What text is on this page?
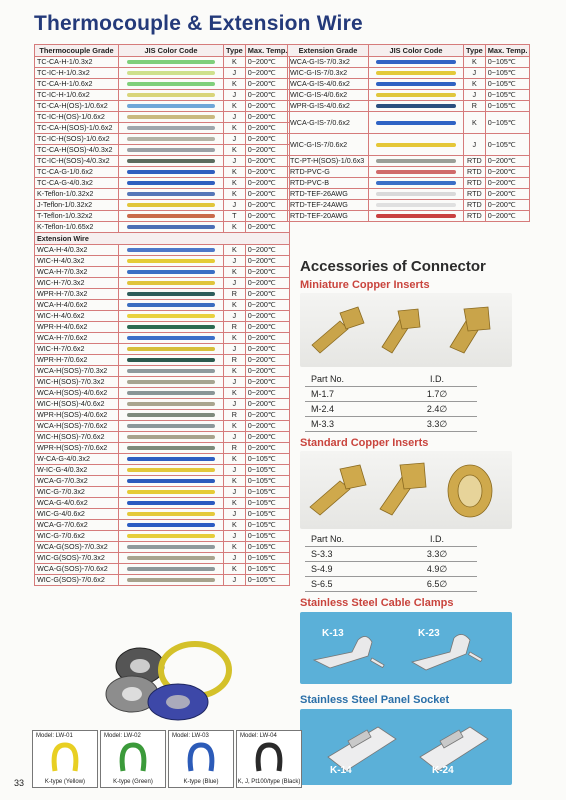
Thermocouple & Extension Wire
Thermocouple Grade	JIS Color Code	Type	Max. Temp.
TC-CA-H-1/0.3x2		K	0~200℃
TC-IC-H-1/0.3x2		J	0~200℃
TC-CA-H-1/0.6x2		K	0~200℃
TC-IC-H-1/0.6x2		J	0~200℃
TC-CA-H(OS)-1/0.6x2		K	0~200℃
TC-IC-H(OS)-1/0.6x2		J	0~200℃
TC-CA-H(SOS)-1/0.6x2		K	0~200℃
TC-IC-H(SOS)-1/0.6x2		J	0~200℃
TC-CA-H(SOS)-4/0.3x2		K	0~200℃
TC-IC-H(SOS)-4/0.3x2		J	0~200℃
TC-CA-G-1/0.6x2		K	0~200℃
TC-CA-G-4/0.3x2		K	0~200℃
K-Teflon-1/0.32x2		K	0~200℃
J-Teflon-1/0.32x2		J	0~200℃
T-Teflon-1/0.32x2		T	0~200℃
K-Teflon-1/0.65x2		K	0~200℃
Extension Wire			
WCA-H-4/0.3x2		K	0~200℃
WIC-H-4/0.3x2		J	0~200℃
WCA-H-7/0.3x2		K	0~200℃
WIC-H-7/0.3x2		J	0~200℃
WPR-H-7/0.3x2		R	0~200℃
WCA-H-4/0.6x2		K	0~200℃
WIC-H-4/0.6x2		J	0~200℃
WPR-H-4/0.6x2		R	0~200℃
WCA-H-7/0.6x2		K	0~200℃
WIC-H-7/0.6x2		J	0~200℃
WPR-H-7/0.6x2		R	0~200℃
WCA-H(SOS)-7/0.3x2		K	0~200℃
WIC-H(SOS)-7/0.3x2		J	0~200℃
WCA-H(SOS)-4/0.6x2		K	0~200℃
WIC-H(SOS)-4/0.6x2		J	0~200℃
WPR-H(SOS)-4/0.6x2		R	0~200℃
WCA-H(SOS)-7/0.6x2		K	0~200℃
WIC-H(SOS)-7/0.6x2		J	0~200℃
WPR-H(SOS)-7/0.6x2		R	0~200℃
W-CA-G-4/0.3x2		K	0~105℃
W-IC-G-4/0.3x2		J	0~105℃
WCA-G-7/0.3x2		K	0~105℃
WIC-G-7/0.3x2		J	0~105℃
WCA-G-4/0.6x2		K	0~105℃
WIC-G-4/0.6x2		J	0~105℃
WCA-G-7/0.6x2		K	0~105℃
WIC-G-7/0.6x2		J	0~105℃
WCA-G(SOS)-7/0.3x2		K	0~105℃
WIC-G(SOS)-7/0.3x2		J	0~105℃
WCA-G(SOS)-7/0.6x2		K	0~105℃
WIC-G(SOS)-7/0.6x2		J	0~105℃
Extension Grade	JIS Color Code	Type	Max. Temp.
WCA-G-IS-7/0.3x2		K	0~105℃
WIC-G-IS-7/0.3x2		J	0~105℃
WCA-G-IS-4/0.6x2		K	0~105℃
WIC-G-IS-4/0.6x2		J	0~105℃
WPR-G-IS-4/0.6x2		R	0~105℃
WCA-G-IS-7/0.6x2		K	0~105℃
WIC-G-IS-7/0.6x2		J	0~105℃
TC-PT-H(SOS)-1/0.6x3		RTD	0~200℃
RTD-PVC-G		RTD	0~200℃
RTD-PVC-B		RTD	0~200℃
RTD-TEF-26AWG		RTD	0~200℃
RTD-TEF-24AWG		RTD	0~200℃
RTD-TEF-20AWG		RTD	0~200℃
Accessories of Connector
Miniature Copper Inserts
Part No.	I.D.
M-1.7	1.7∅
M-2.4	2.4∅
M-3.3	3.3∅
Standard Copper Inserts
Part No.	I.D.
S-3.3	3.3∅
S-4.9	4.9∅
S-6.5	6.5∅
Stainless Steel Cable Clamps
K-13	K-23
Stainless Steel Panel Socket
K-14	K-24
Model: LW-01
K-type (Yellow)
Model: LW-02
K-type (Green)
Model: LW-03
K-type (Blue)
Model: LW-04
K, J, Pt100/type (Black)
33
